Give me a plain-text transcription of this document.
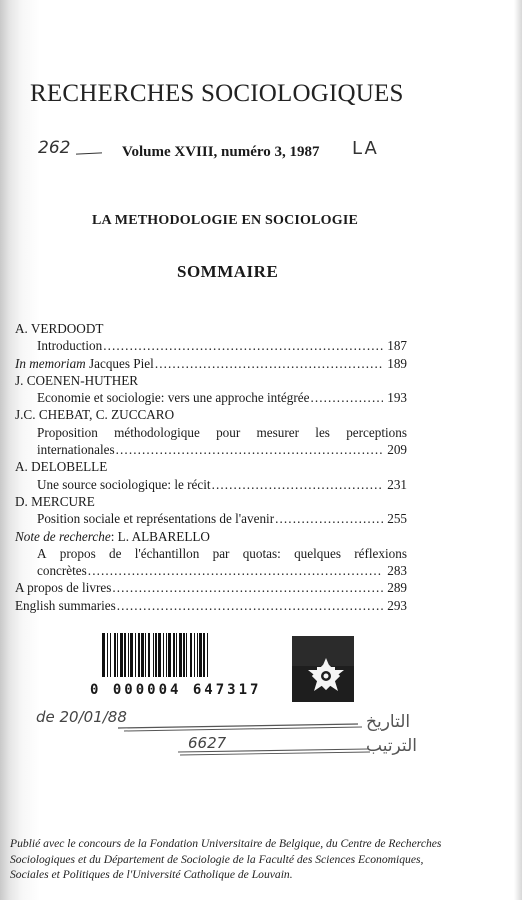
RECHERCHES SOCIOLOGIQUES
262	Volume XVIII, numéro 3, 1987 LA
LA METHODOLOGIE EN SOCIOLOGIE
SOMMAIRE
A. VERDOODT
Introduction . . .	187
In memoriam Jacques Piel . . .	189
J. COENEN-HUTHER
Economie et sociologie: vers une approche intégrée . . .	193
J.C. CHEBAT, C. ZUCCARO
Proposition méthodologique pour mesurer les perceptions
internationales . . .	209
A. DELOBELLE
Une source sociologique: le récit . . .	231
D. MERCURE
Position sociale et représentations de l'avenir . . .	255
Note de recherche: L. ALBARELLO
A propos de l'échantillon par quotas: quelques réflexions
concrètes . . .	283
A propos de livres . . .	289
English summaries . . .	293
0 000004 647317
de 20/01/88
6627
التاريخ
الترتيب
Publié avec le concours de la Fondation Universitaire de Belgique, du Centre de Recherches Sociologiques et du Département de Sociologie de la Faculté des Sciences Economiques, Sociales et Politiques de l'Université Catholique de Louvain.
